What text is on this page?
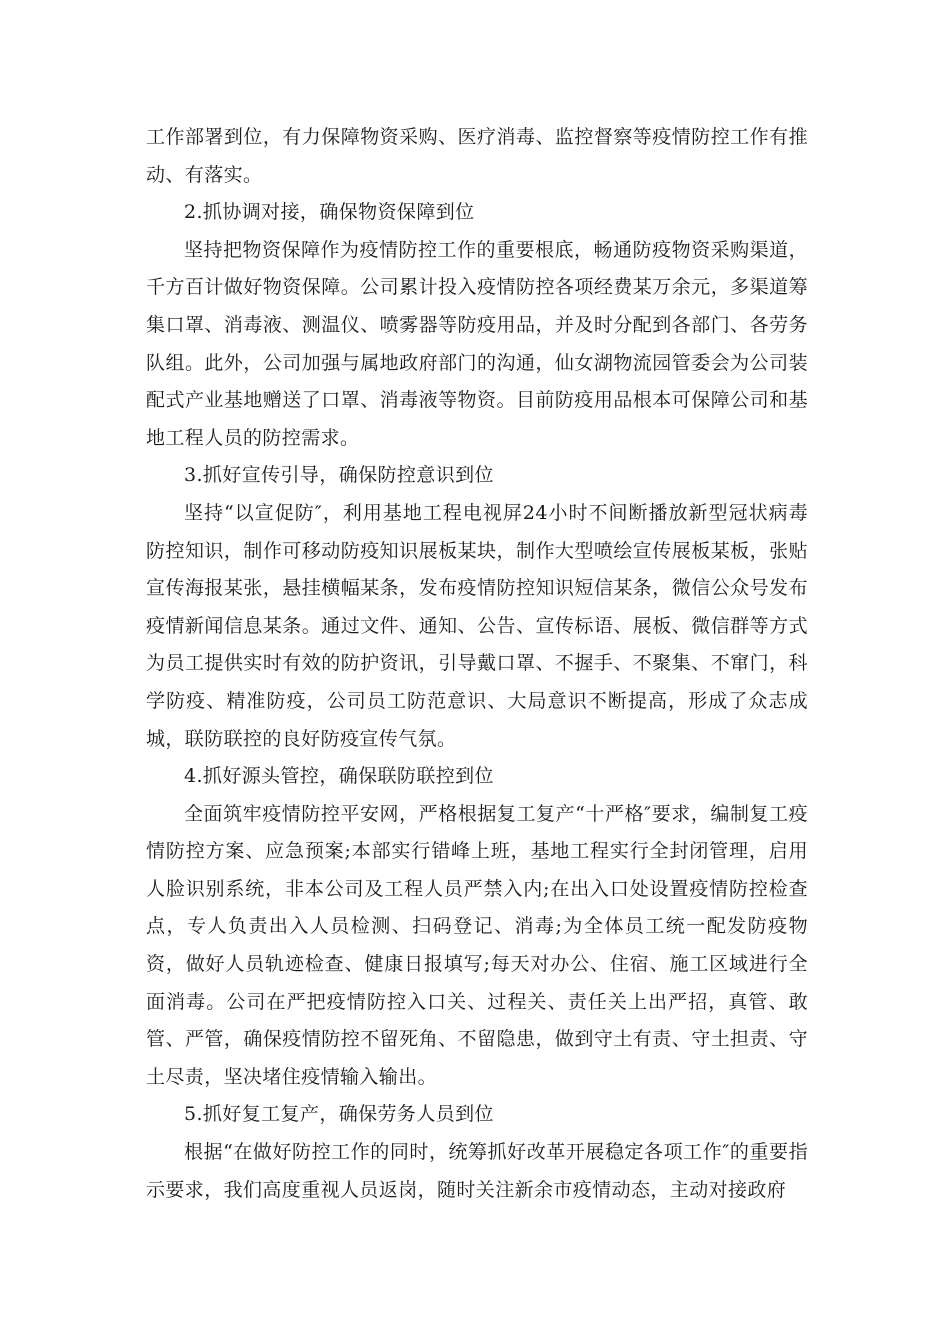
工作部署到位，有力保障物资采购、医疗消毒、监控督察等疫情防控工作有推动、有落实。

2.抓协调对接，确保物资保障到位

坚持把物资保障作为疫情防控工作的重要根底，畅通防疫物资采购渠道，千方百计做好物资保障。公司累计投入疫情防控各项经费某万余元，多渠道筹集口罩、消毒液、测温仪、喷雾器等防疫用品，并及时分配到各部门、各劳务队组。此外，公司加强与属地政府部门的沟通，仙女湖物流园管委会为公司装配式产业基地赠送了口罩、消毒液等物资。目前防疫用品根本可保障公司和基地工程人员的防控需求。

3.抓好宣传引导，确保防控意识到位

坚持“以宣促防″，利用基地工程电视屏24小时不间断播放新型冠状病毒防控知识，制作可移动防疫知识展板某块，制作大型喷绘宣传展板某板，张贴宣传海报某张，悬挂横幅某条，发布疫情防控知识短信某条，微信公众号发布疫情新闻信息某条。通过文件、通知、公告、宣传标语、展板、微信群等方式为员工提供实时有效的防护资讯，引导戴口罩、不握手、不聚集、不窜门，科学防疫、精准防疫，公司员工防范意识、大局意识不断提高，形成了众志成城，联防联控的良好防疫宣传气氛。

4.抓好源头管控，确保联防联控到位

全面筑牢疫情防控平安网，严格根据复工复产“十严格″要求，编制复工疫情防控方案、应急预案;本部实行错峰上班，基地工程实行全封闭管理，启用人脸识别系统，非本公司及工程人员严禁入内;在出入口处设置疫情防控检查点，专人负责出入人员检测、扫码登记、消毒;为全体员工统一配发防疫物资，做好人员轨迹检查、健康日报填写;每天对办公、住宿、施工区域进行全面消毒。公司在严把疫情防控入口关、过程关、责任关上出严招，真管、敢管、严管，确保疫情防控不留死角、不留隐患，做到守土有责、守土担责、守土尽责，坚决堵住疫情输入输出。

5.抓好复工复产，确保劳务人员到位

根据“在做好防控工作的同时，统筹抓好改革开展稳定各项工作″的重要指示要求，我们高度重视人员返岗，随时关注新余市疫情动态，主动对接政府
